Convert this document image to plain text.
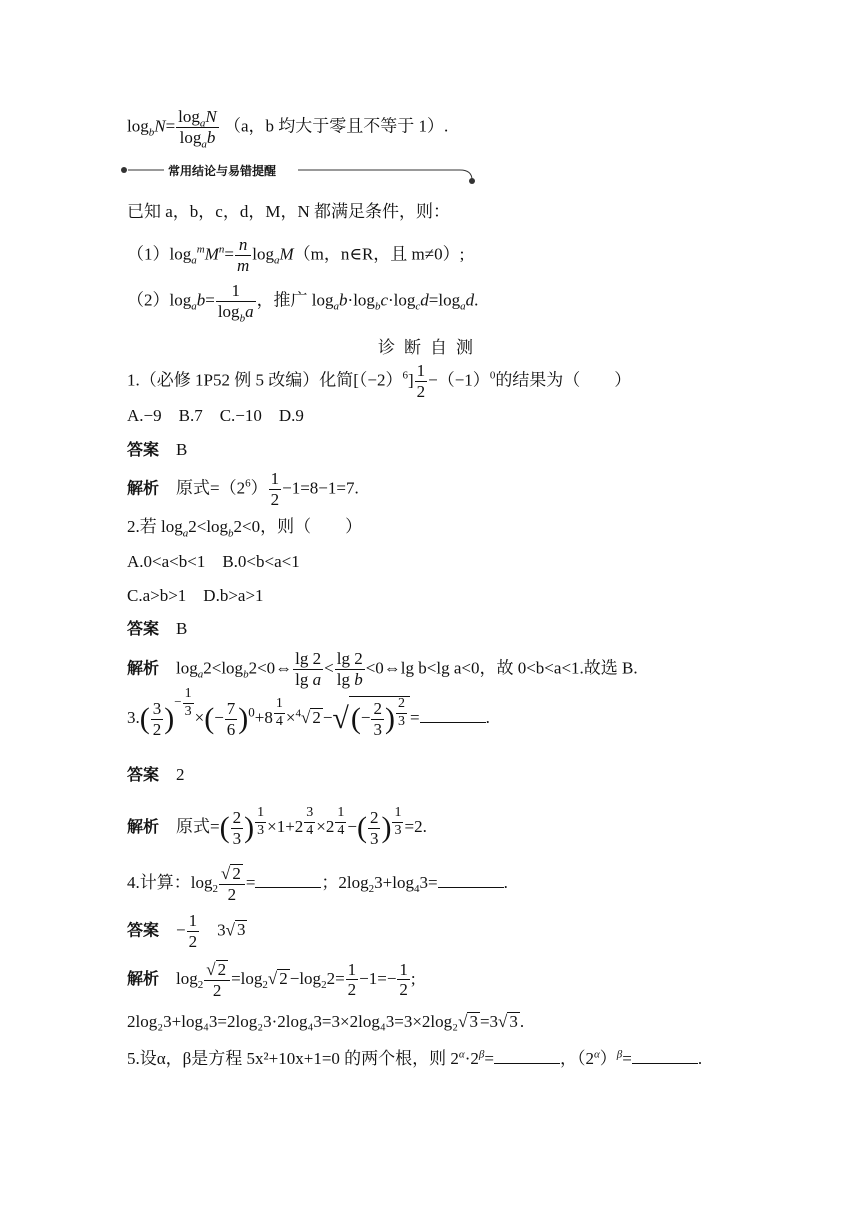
$\log_bN= \frac{\log_aN}{\log_ab} (a$，b 均大于零且不等于 1）.
常用结论与易错提醒
已知 a，b，c，d，M，N 都满足条件，则：
$(1)\log_a^mM^n= \frac{n}{m} \log_aM(m$，n∈R，且 m≠0）;
$(2)\log_ab= \frac{1}{\log_ba}$ ，推广 $\log_ab\cdot\log_bc\cdot\log_cd=\log_ad$.
诊断自测
1.（必修 1P52 例 5 改编）化简$[(-2)^6] \frac{1}{2} -(-1)^0$的结果为（　　）
A.−9　B.7　C.−10　D.9
答案　 B
解析　 原式$=(2^6) \frac{1}{2} -1=8-1=7$.
2.若 $\log_a2<\log_b2<0$，则（　　）
A.0<a<b<1　B.0<b<a<1
C.a>b>1　D.b>a>1
答案　 B
解析　$\log_a2<\log_b2<0\Leftrightarrow \frac{\lg 2}{\text{lg a}} < \frac{\lg 2}{\text{lg b}}$ <0⇔lg b<lg a<0，故 0<b<a<1.故选 B.
$3.( \frac{3}{2} )^{- \frac{1}{3}}$ ×(− $\frac{7}{6} )^0+8$ $^{\frac{1}{4}}$ ×$^4$√ 2 −√(− $\frac{2}{3}$ ) $^{\frac{2}{3}}$ =	.
答案　 2
解析　 原式=( $\frac{2}{3}$ ) $^{\frac{1}{3}}$ ×1+2 $^{\frac{3}{4}}$ ×2 $^{\frac{1}{4}}$ −( $\frac{2}{3}$ ) $^{\frac{1}{3}}$ =2.
4.计算：$\log_2 \frac{√ 2}{2}$ =	；$2\log_23+\log_43=$	.
答案　− $\frac{1}{2}$
　 3√ 3
解析　$\log_2 \frac{√ 2}{2} =\log_2√$ $2 -\log_22= \frac{1}{2} -1=- \frac{1}{2}$ ;
2log₂3+log₄3=2log₂3·2log₄3=3×2log₄3=3×2log₂√ 3 =3√ 3 .
5.设α，β是方程 5x²+10x+1=0 的两个根，则 $2^\alpha\cdot 2^\beta=$	，$(2^\alpha)^\beta=$	.
